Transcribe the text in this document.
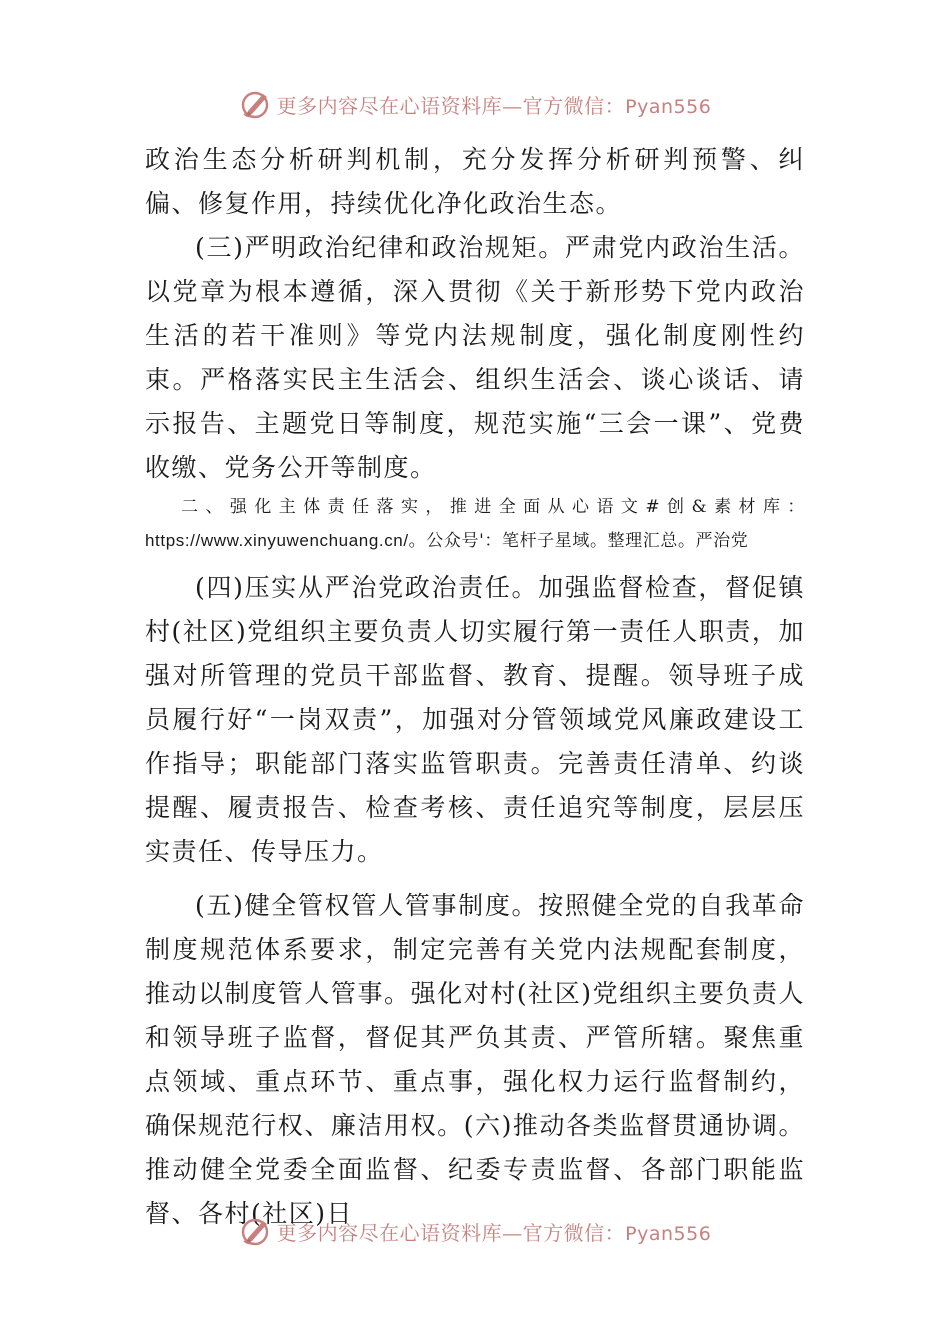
更多内容尽在心语资料库—官方微信：Pyan556

政治生态分析研判机制，充分发挥分析研判预警、纠偏、修复作用，持续优化净化政治生态。

(三)严明政治纪律和政治规矩。严肃党内政治生活。以党章为根本遵循，深入贯彻《关于新形势下党内政治生活的若干准则》等党内法规制度，强化制度刚性约束。严格落实民主生活会、组织生活会、谈心谈话、请示报告、主题党日等制度，规范实施“三会一课”、党费收缴、党务公开等制度。

二、强化主体责任落实，推进全面从心语文#创&素材库：https://www.xinyuwenchuang.cn/。公众号'：笔杆子星域。整理汇总。严治党

(四)压实从严治党政治责任。加强监督检查，督促镇村(社区)党组织主要负责人切实履行第一责任人职责，加强对所管理的党员干部监督、教育、提醒。领导班子成员履行好“一岗双责”，加强对分管领域党风廉政建设工作指导；职能部门落实监管职责。完善责任清单、约谈提醒、履责报告、检查考核、责任追究等制度，层层压实责任、传导压力。

(五)健全管权管人管事制度。按照健全党的自我革命制度规范体系要求，制定完善有关党内法规配套制度，推动以制度管人管事。强化对村(社区)党组织主要负责人和领导班子监督，督促其严负其责、严管所辖。聚焦重点领域、重点环节、重点事，强化权力运行监督制约，确保规范行权、廉洁用权。(六)推动各类监督贯通协调。推动健全党委全面监督、纪委专责监督、各部门职能监督、各村(社区)日

更多内容尽在心语资料库—官方微信：Pyan556
